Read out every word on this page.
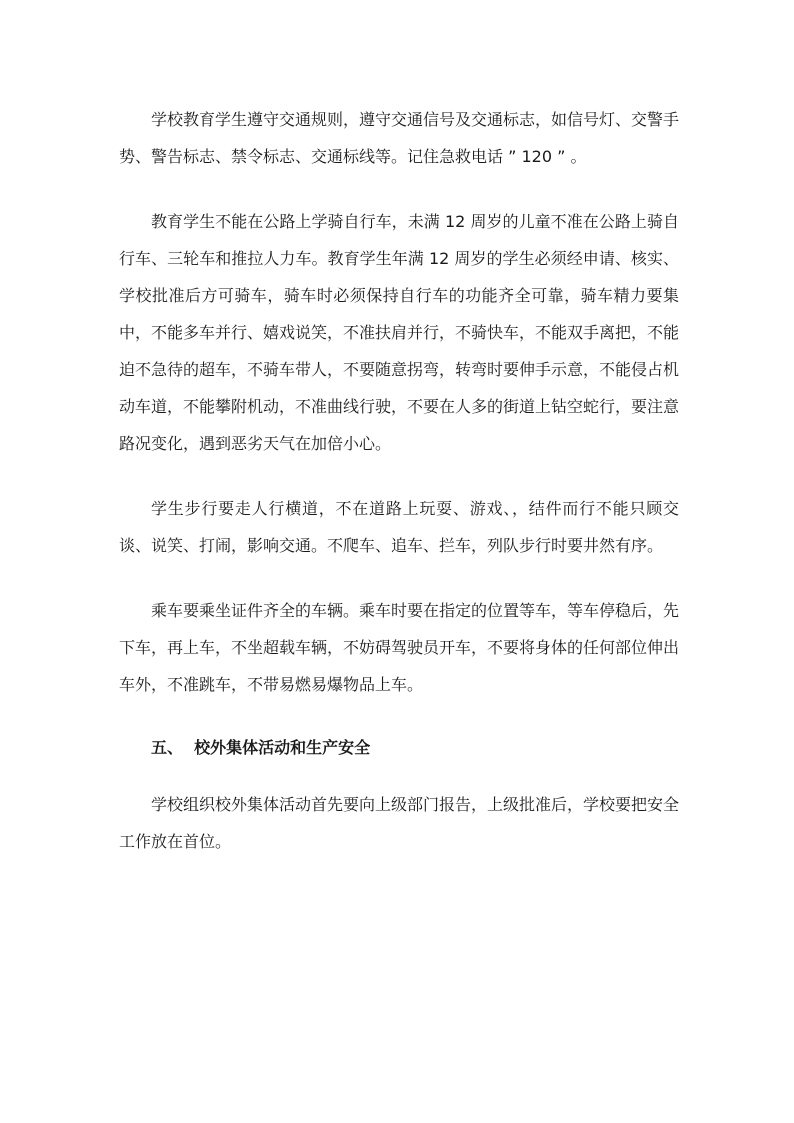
学校教育学生遵守交通规则，遵守交通信号及交通标志，如信号灯、交警手势、警告标志、禁令标志、交通标线等。记住急救电话 ” 120 ” 。

教育学生不能在公路上学骑自行车，未满 12 周岁的儿童不准在公路上骑自行车、三轮车和推拉人力车。教育学生年满 12 周岁的学生必须经申请、核实、学校批准后方可骑车，骑车时必须保持自行车的功能齐全可靠，骑车精力要集中，不能多车并行、嬉戏说笑，不准扶肩并行，不骑快车，不能双手离把，不能迫不急待的超车，不骑车带人，不要随意拐弯，转弯时要伸手示意，不能侵占机动车道，不能攀附机动，不准曲线行驶，不要在人多的街道上钻空蛇行，要注意路况变化，遇到恶劣天气在加倍小心。

学生步行要走人行横道，不在道路上玩耍、游戏、，结件而行不能只顾交谈、说笑、打闹，影响交通。不爬车、追车、拦车，列队步行时要井然有序。

乘车要乘坐证件齐全的车辆。乘车时要在指定的位置等车，等车停稳后，先下车，再上车，不坐超载车辆，不妨碍驾驶员开车，不要将身体的任何部位伸出车外，不准跳车，不带易燃易爆物品上车。

五、  校外集体活动和生产安全

学校组织校外集体活动首先要向上级部门报告，上级批准后，学校要把安全工作放在首位。
